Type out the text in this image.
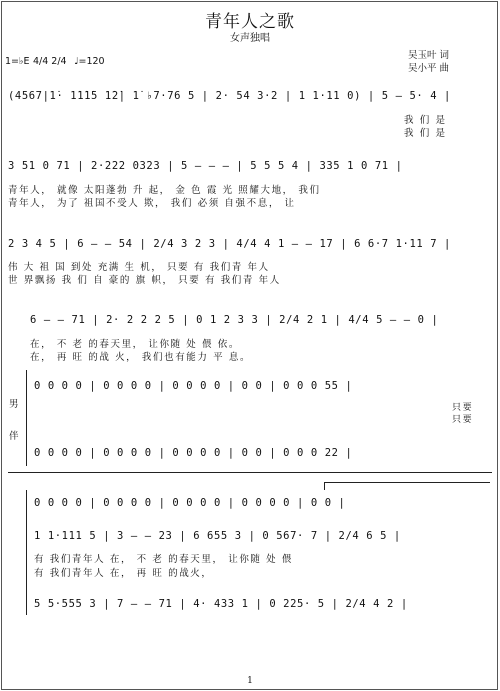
青年人之歌
女声独唱
吴玉叶 词
吴小平 曲
1=♭E 4/4 2/4 ♩=120
(4567|1̇· 1̇1̇1̇5 1̇2̇| 1̇ ♭7·76 5 | 2· 54 3·2 | 1 1·11 0) | 5 — 5· 4 |
我 们 是
我 们 是
3 51 0 71 | 2·222 0323 | 5 — — — | 5 5 5 4 | 335 1 0 71 |
青年人， 就像 太阳蓬勃 升 起， 金 色 霞 光 照耀大地， 我们
青年人， 为了 祖国不受人 欺， 我们 必须 自强不息， 让
2 3 4 5 | 6 — — 54 | 2/4 3 2 3 | 4/4 4 1 — — 17 | 6 6·7 1·11 7 |
伟 大 祖 国 到处 充满 生 机， 只要 有 我们青 年人
世 界飘扬 我 们 自 豪的 旗 帜， 只要 有 我们青 年人
6 — — 71 | 2· 2 2 2 5 | 0 1 2 3 3 | 2/4 2 1 | 4/4 5 — — 0 |
在， 不 老 的春天里， 让你随 处 偎 依。
在， 再 旺 的战 火， 我们也有能力 平 息。
男
伴
0 0 0 0 | 0 0 0 0 | 0 0 0 0 | 0 0 | 0 0 0 55 |
只要
只要
0 0 0 0 | 0 0 0 0 | 0 0 0 0 | 0 0 | 0 0 0 22 |
0 0 0 0 | 0 0 0 0 | 0 0 0 0 | 0 0 0 0 | 0 0 |
1 1·111 5 | 3 — — 23 | 6 655 3 | 0 567· 7 | 2/4 6 5 |
有 我们青年人 在， 不 老 的春天里， 让你随 处 偎
有 我们青年人 在， 再 旺 的战火，
5 5·555 3 | 7 — — 71 | 4· 433 1 | 0 225· 5 | 2/4 4 2 |
1
